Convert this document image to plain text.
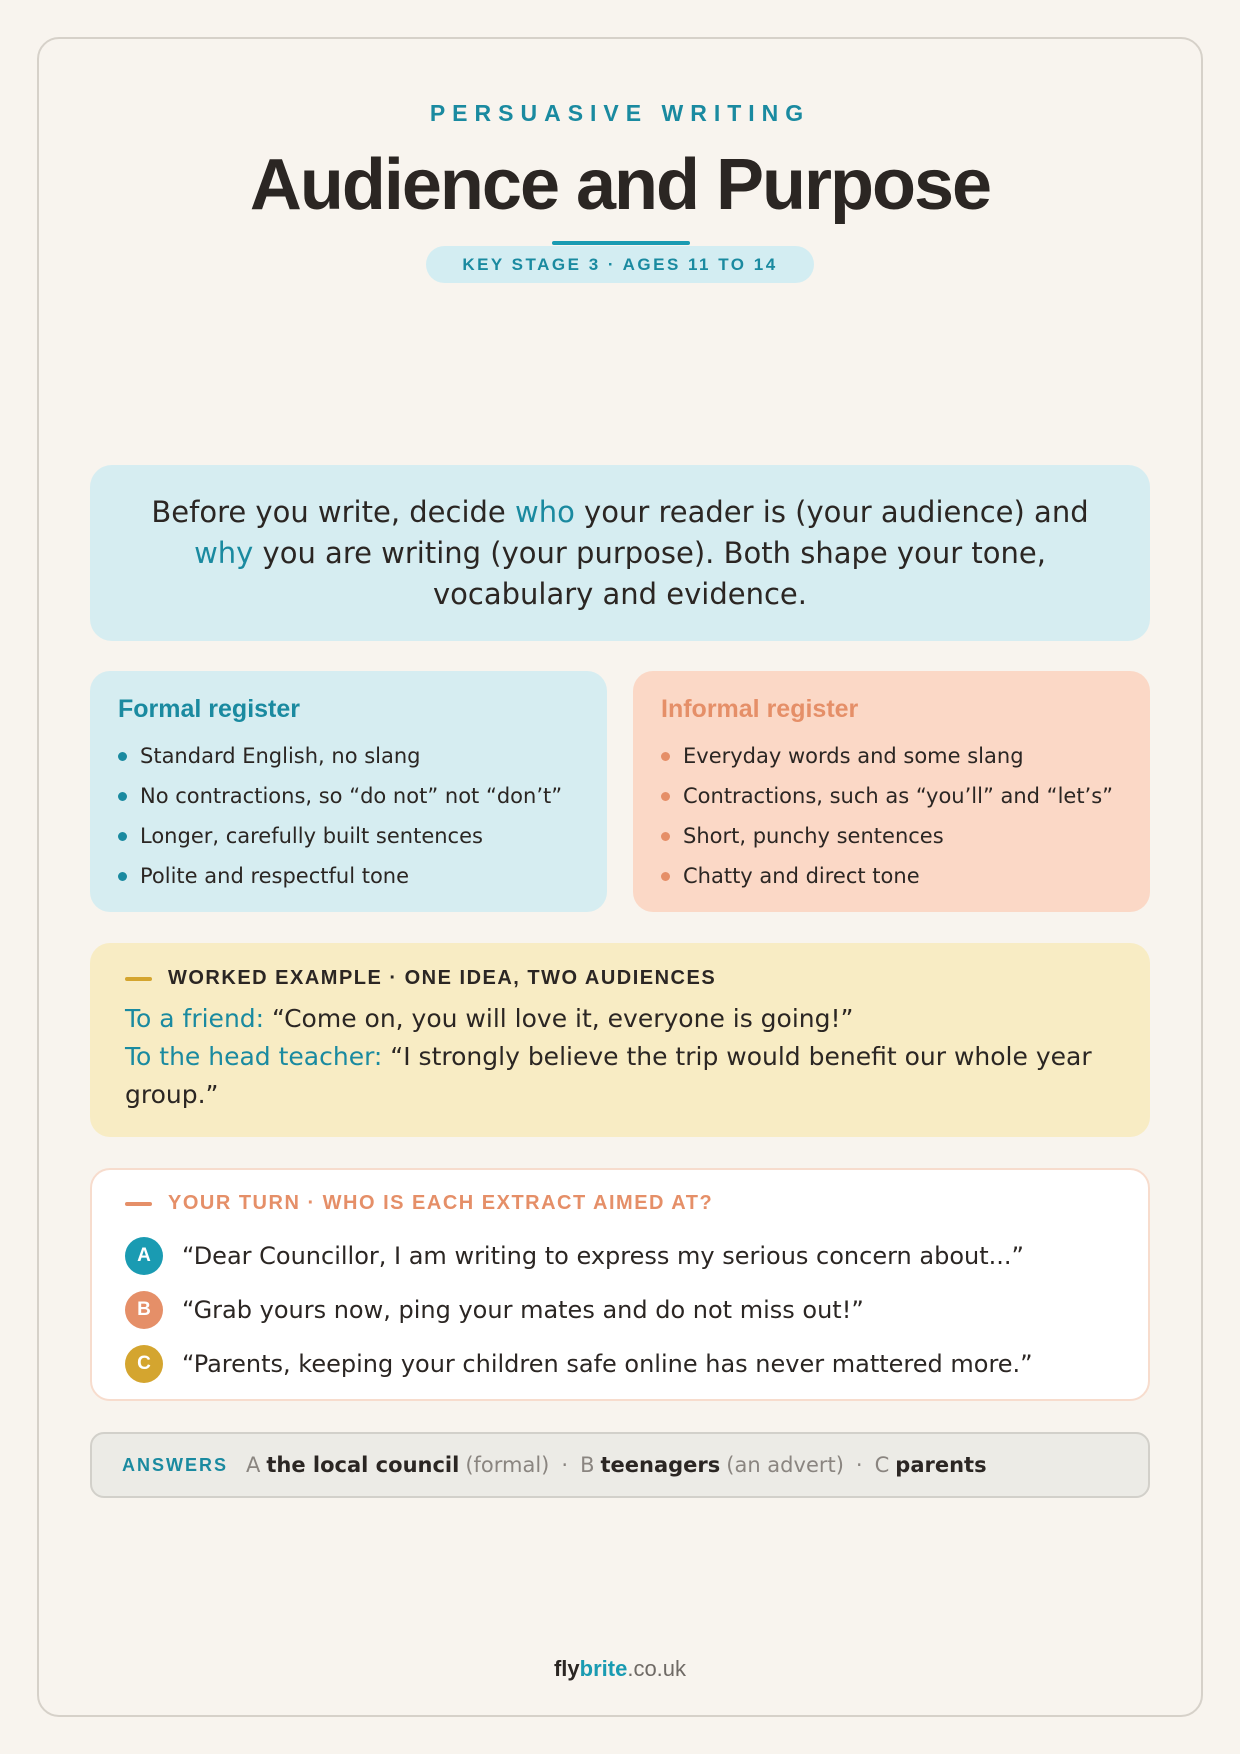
PERSUASIVE WRITING
Audience and Purpose
KEY STAGE 3 · AGES 11 TO 14

Before you write, decide who your reader is (your audience) and why you are writing (your purpose). Both shape your tone, vocabulary and evidence.

Formal register
Standard English, no slang
No contractions, so “do not” not “don’t”
Longer, carefully built sentences
Polite and respectful tone
Informal register
Everyday words and some slang
Contractions, such as “you’ll” and “let’s”
Short, punchy sentences
Chatty and direct tone
WORKED EXAMPLE · ONE IDEA, TWO AUDIENCES

To a friend: “Come on, you will love it, everyone is going!”

To the head teacher: “I strongly believe the trip would benefit our whole year group.”

YOUR TURN · WHO IS EACH EXTRACT AIMED AT?
A	“Dear Councillor, I am writing to express my serious concern about...”
B	“Grab yours now, ping your mates and do not miss out!”
C	“Parents, keeping your children safe online has never mattered more.”
ANSWERS A the local council (formal) · B teenagers (an advert) · C parents
flybrite.co.uk
